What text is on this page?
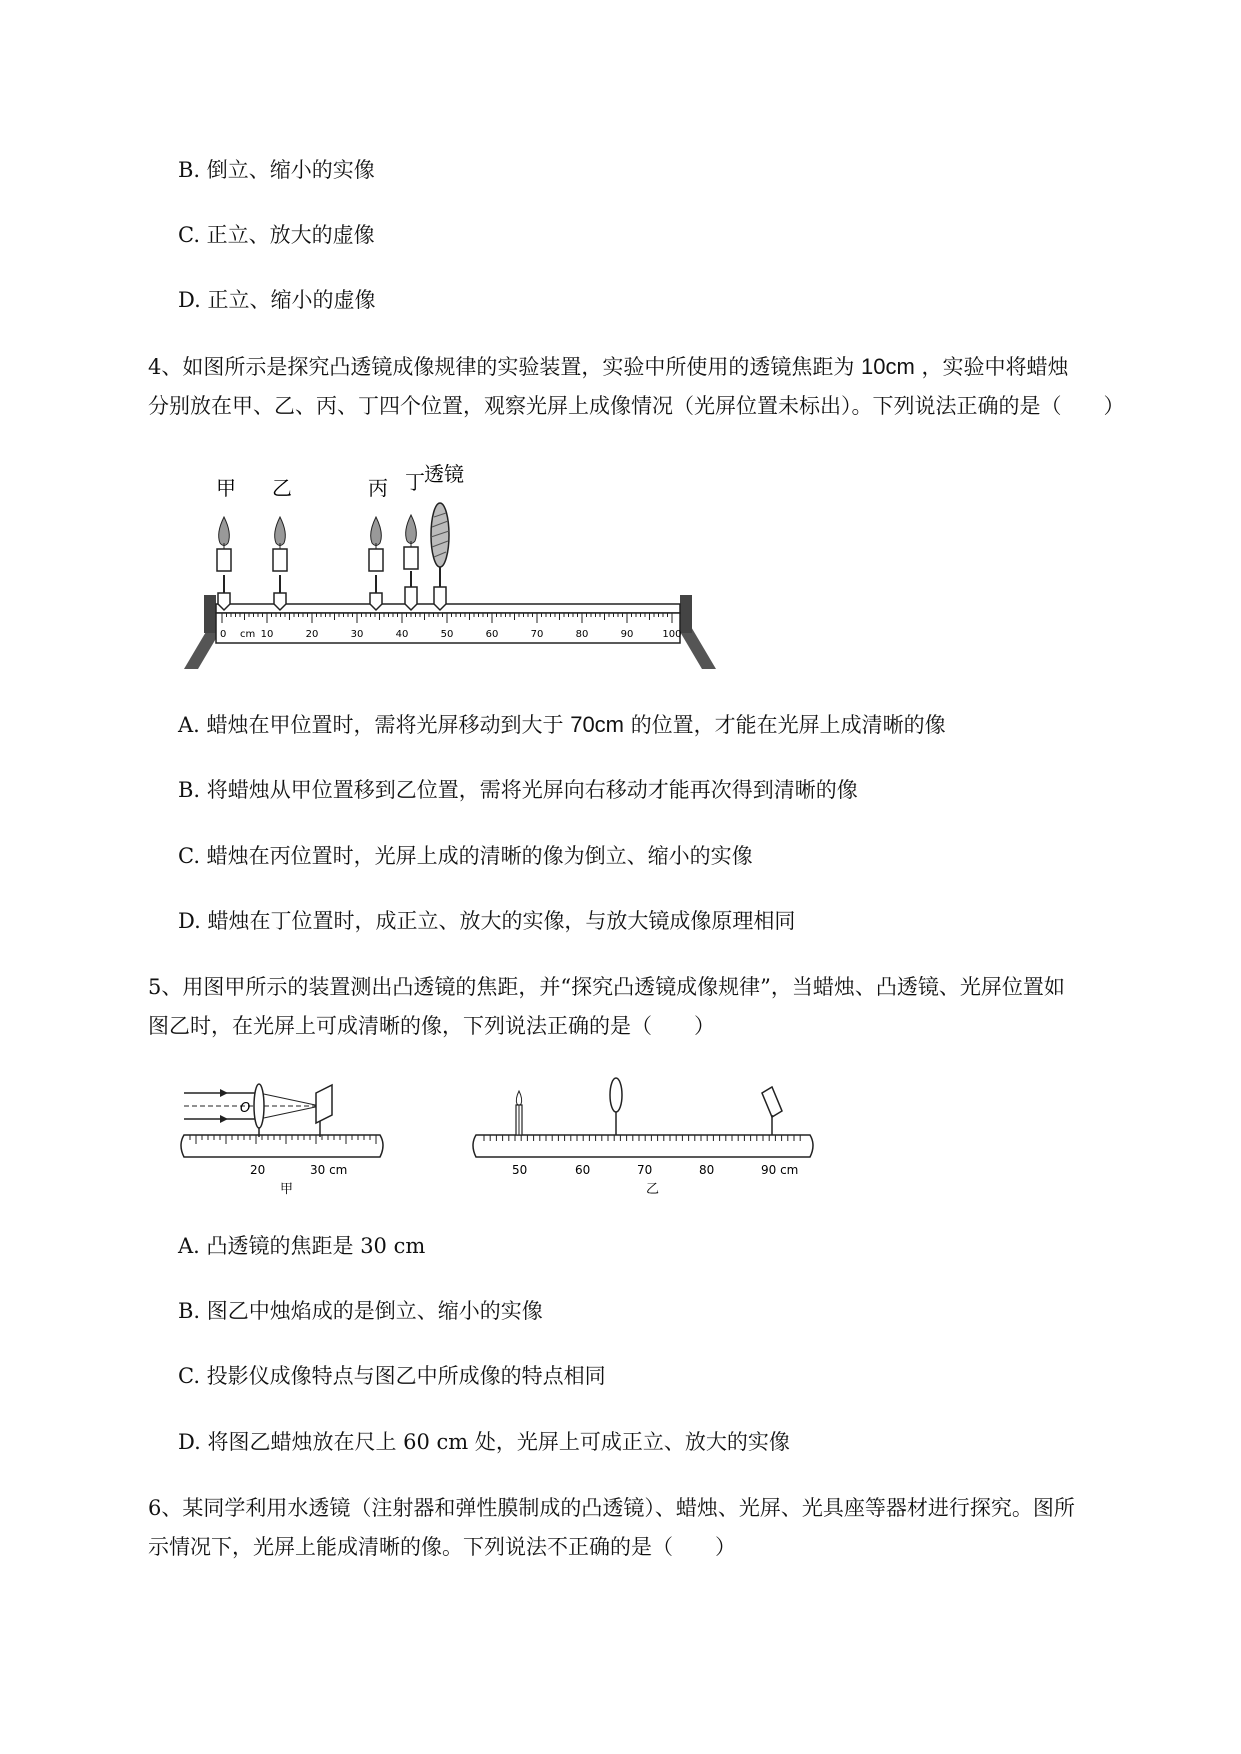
B. 倒立、缩小的实像
C. 正立、放大的虚像
D. 正立、缩小的虚像
4、如图所示是探究凸透镜成像规律的实验装置，实验中所使用的透镜焦距为 10cm ，实验中将蜡烛
分别放在甲、乙、丙、丁四个位置，观察光屏上成像情况（光屏位置未标出）。下列说法正确的是（　　）
10	20	30	40	50	60	70	80	90	100
0 cm
甲 乙	丙 丁 透镜
A. 蜡烛在甲位置时，需将光屏移动到大于 70cm 的位置，才能在光屏上成清晰的像
B. 将蜡烛从甲位置移到乙位置，需将光屏向右移动才能再次得到清晰的像
C. 蜡烛在丙位置时，光屏上成的清晰的像为倒立、缩小的实像
D. 蜡烛在丁位置时，成正立、放大的实像，与放大镜成像原理相同
5、用图甲所示的装置测出凸透镜的焦距，并“探究凸透镜成像规律”，当蜡烛、凸透镜、光屏位置如
图乙时，在光屏上可成清晰的像，下列说法正确的是（　　）
O
20	30 cm
甲
50	60	70	80	90 cm
乙
A. 凸透镜的焦距是 30 cm
B. 图乙中烛焰成的是倒立、缩小的实像
C. 投影仪成像特点与图乙中所成像的特点相同
D. 将图乙蜡烛放在尺上 60 cm 处，光屏上可成正立、放大的实像
6、某同学利用水透镜（注射器和弹性膜制成的凸透镜）、蜡烛、光屏、光具座等器材进行探究。图所
示情况下，光屏上能成清晰的像。下列说法不正确的是（　　）
